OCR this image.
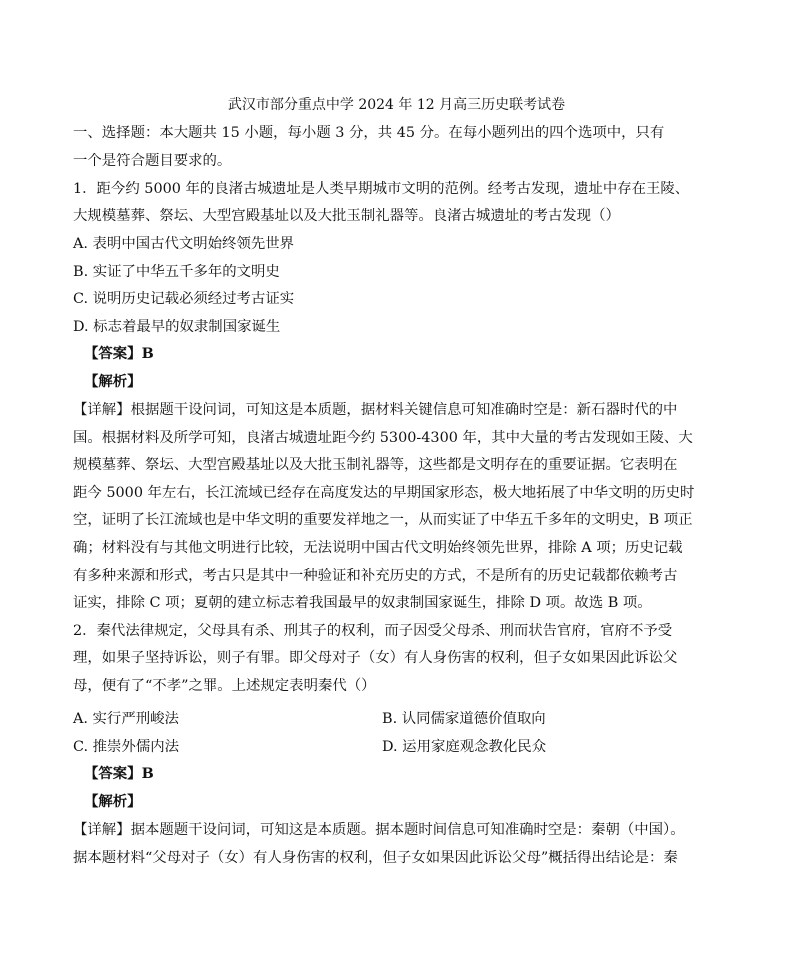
武汉市部分重点中学 2024 年 12 月高三历史联考试卷
一、选择题：本大题共 15 小题，每小题 3 分，共 45 分。在每小题列出的四个选项中，只有
一个是符合题目要求的。
1．距今约 5000 年的良渚古城遗址是人类早期城市文明的范例。经考古发现，遗址中存在王陵、
大规模墓葬、祭坛、大型宫殿基址以及大批玉制礼器等。良渚古城遗址的考古发现（）
A. 表明中国古代文明始终领先世界
B. 实证了中华五千多年的文明史
C. 说明历史记载必须经过考古证实
D. 标志着最早的奴隶制国家诞生
【答案】B
【解析】
【详解】根据题干设问词，可知这是本质题，据材料关键信息可知准确时空是：新石器时代的中
国。根据材料及所学可知，良渚古城遗址距今约 5300-4300 年，其中大量的考古发现如王陵、大
规模墓葬、祭坛、大型宫殿基址以及大批玉制礼器等，这些都是文明存在的重要证据。它表明在
距今 5000 年左右，长江流域已经存在高度发达的早期国家形态，极大地拓展了中华文明的历史时
空，证明了长江流域也是中华文明的重要发祥地之一，从而实证了中华五千多年的文明史，B 项正
确；材料没有与其他文明进行比较，无法说明中国古代文明始终领先世界，排除 A 项；历史记载
有多种来源和形式，考古只是其中一种验证和补充历史的方式，不是所有的历史记载都依赖考古
证实，排除 C 项；夏朝的建立标志着我国最早的奴隶制国家诞生，排除 D 项。故选 B 项。
2．秦代法律规定，父母具有杀、刑其子的权利，而子因受父母杀、刑而状告官府，官府不予受
理，如果子坚持诉讼，则子有罪。即父母对子（女）有人身伤害的权利，但子女如果因此诉讼父
母，便有了“不孝”之罪。上述规定表明秦代（）
A. 实行严刑峻法	B. 认同儒家道德价值取向
C. 推崇外儒内法	D. 运用家庭观念教化民众
【答案】B
【解析】
【详解】据本题题干设问词，可知这是本质题。据本题时间信息可知准确时空是：秦朝（中国）。
据本题材料“父母对子（女）有人身伤害的权利，但子女如果因此诉讼父母”概括得出结论是：秦
